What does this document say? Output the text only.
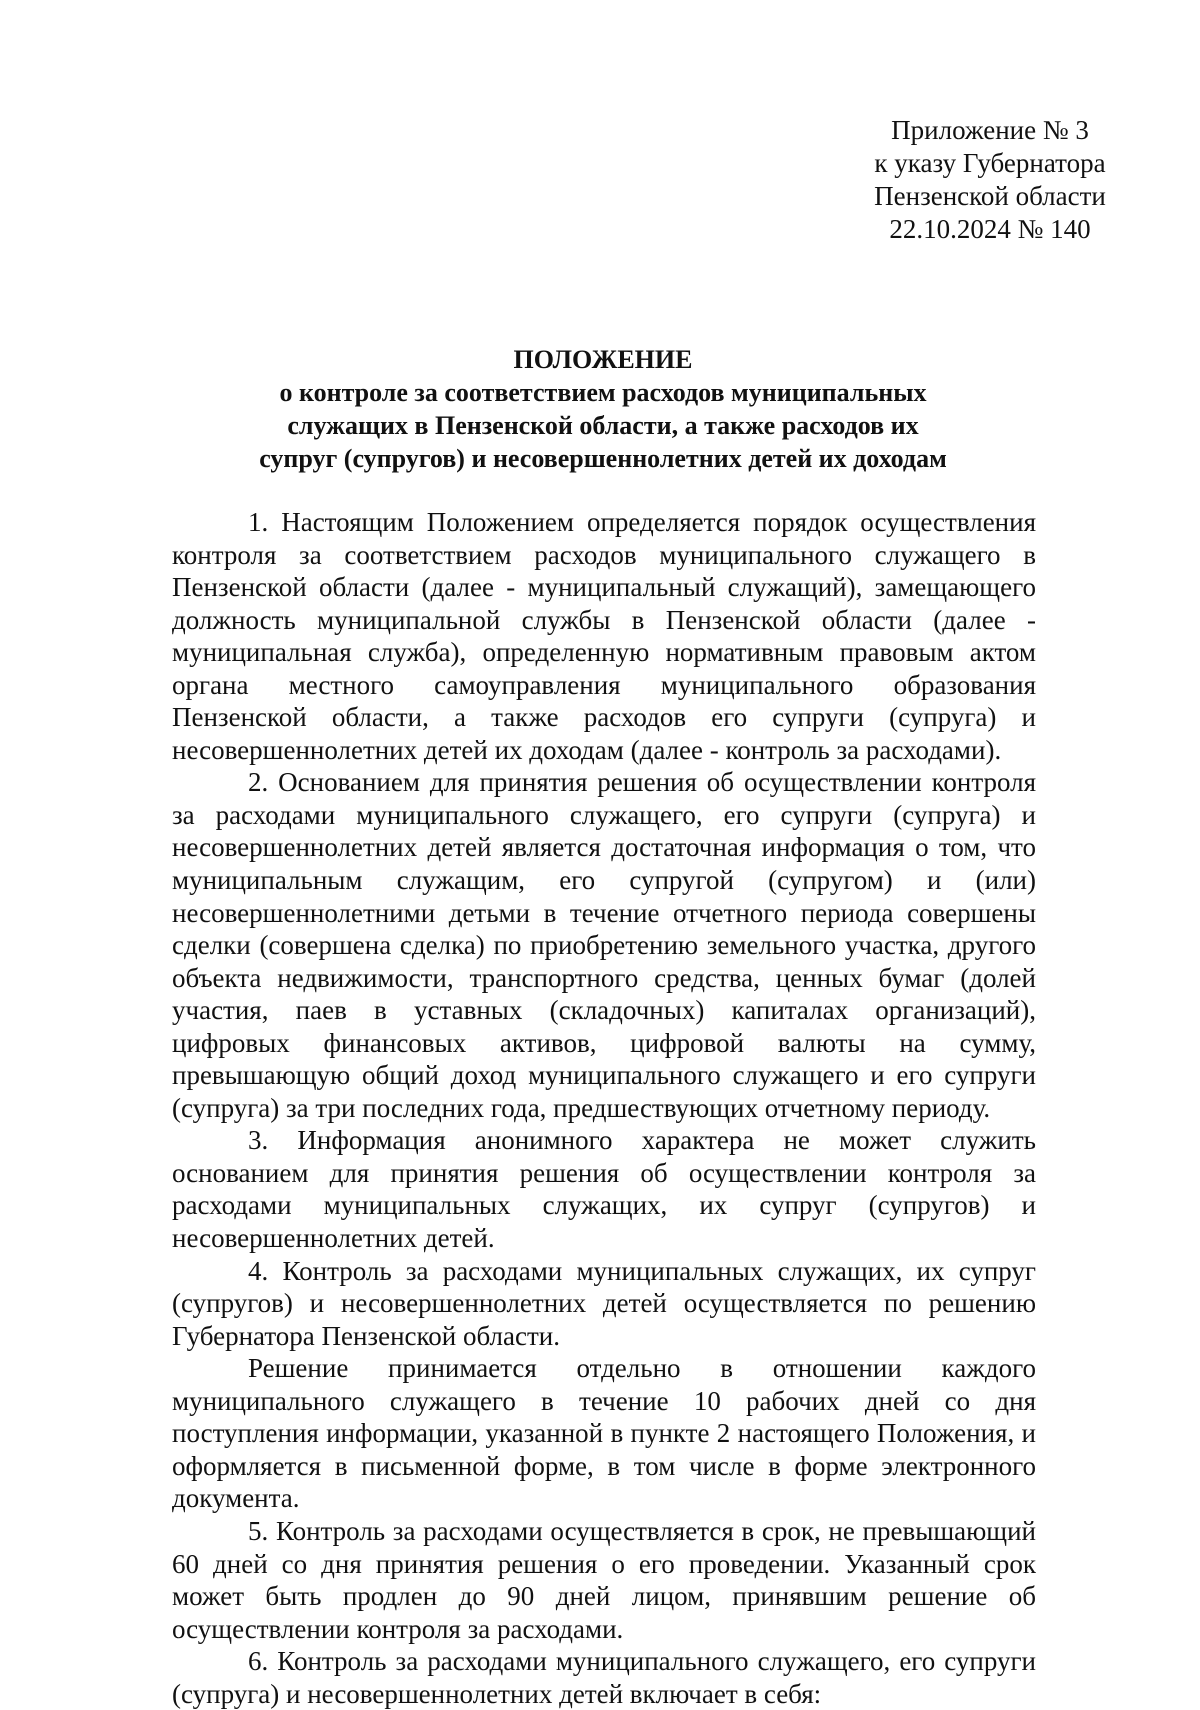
Приложение № 3
к указу Губернатора
Пензенской области
22.10.2024 № 140
ПОЛОЖЕНИЕ
о контроле за соответствием расходов муниципальных
служащих в Пензенской области, а также расходов их
супруг (супругов) и несовершеннолетних детей их доходам

1. Настоящим Положением определяется порядок осуществления контроля за соответствием расходов муниципального служащего в Пензенской области (далее - муниципальный служащий), замещающего должность муниципальной службы в Пензенской области (далее - муниципальная служба), определенную нормативным правовым актом органа местного самоуправления муниципального образования Пензенской области, а также расходов его супруги (супруга) и несовершеннолетних детей их доходам (далее - контроль за расходами).

2. Основанием для принятия решения об осуществлении контроля за расходами муниципального служащего, его супруги (супруга) и несовершеннолетних детей является достаточная информация о том, что муниципальным служащим, его супругой (супругом) и (или) несовершеннолетними детьми в течение отчетного периода совершены сделки (совершена сделка) по приобретению земельного участка, другого объекта недвижимости, транспортного средства, ценных бумаг (долей участия, паев в уставных (складочных) капиталах организаций), цифровых финансовых активов, цифровой валюты на сумму, превышающую общий доход муниципального служащего и его супруги (супруга) за три последних года, предшествующих отчетному периоду.

3. Информация анонимного характера не может служить основанием для принятия решения об осуществлении контроля за расходами муниципальных служащих, их супруг (супругов) и несовершеннолетних детей.

4. Контроль за расходами муниципальных служащих, их супруг (супругов) и несовершеннолетних детей осуществляется по решению Губернатора Пензенской области.

Решение принимается отдельно в отношении каждого муниципального служащего в течение 10 рабочих дней со дня поступления информации, указанной в пункте 2 настоящего Положения, и оформляется в письменной форме, в том числе в форме электронного документа.

5. Контроль за расходами осуществляется в срок, не превышающий 60 дней со дня принятия решения о его проведении. Указанный срок может быть продлен до 90 дней лицом, принявшим решение об осуществлении контроля за расходами.

6. Контроль за расходами муниципального служащего, его супруги (супруга) и несовершеннолетних детей включает в себя:
